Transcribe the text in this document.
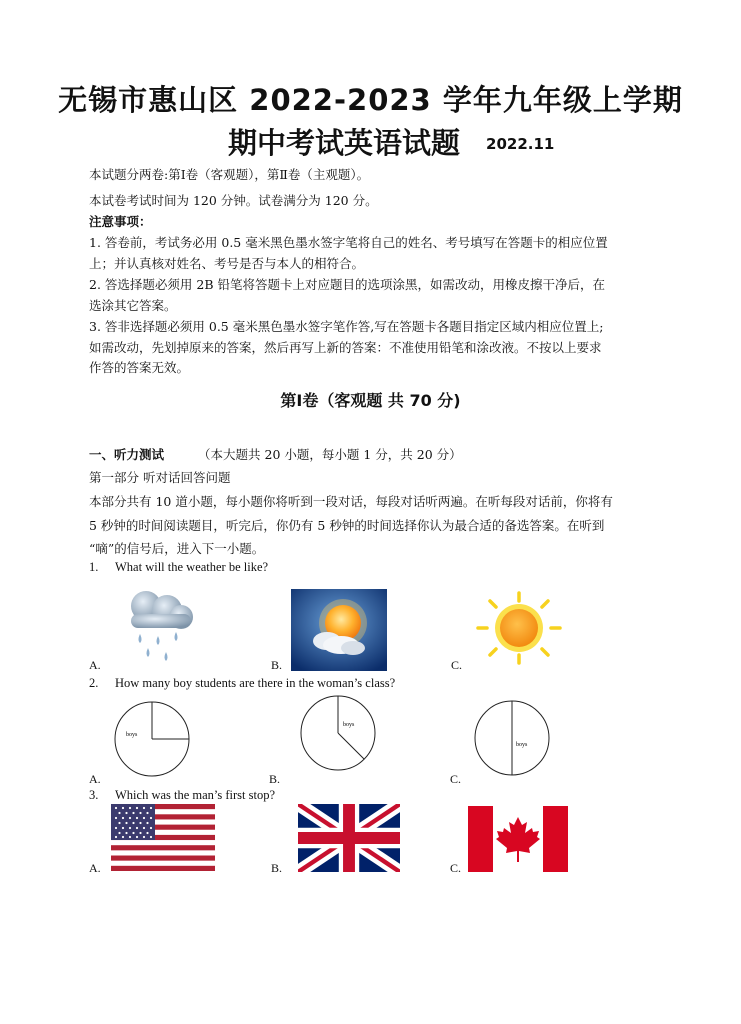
无锡市惠山区 2022-2023 学年九年级上学期
期中考试英语试题 2022.11
本试题分两卷:第Ⅰ卷（客观题），第Ⅱ卷（主观题）。
本试卷考试时间为 120 分钟。试卷满分为 120 分。
注意事项：
1. 答卷前，考试务必用 0.5 毫米黑色墨水签字笔将自己的姓名、考号填写在答题卡的相应位置
上；并认真核对姓名、考号是否与本人的相符合。
2. 答选择题必须用 2B 铅笔将答题卡上对应题目的选项涂黑，如需改动，用橡皮擦干净后，在
选涂其它答案。
3. 答非选择题必须用 0.5 毫米黑色墨水签字笔作答,写在答题卡各题目指定区域内相应位置上;
如需改动，先划掉原来的答案，然后再写上新的答案：不准使用铅笔和涂改液。不按以上要求
作答的答案无效。
第Ⅰ卷（客观题 共 70 分)
一、听力测试	（本大题共 20 小题，每小题 1 分，共 20 分）
第一部分 听对话回答问题
本部分共有 10 道小题，每小题你将听到一段对话，每段对话听两遍。在听每段对话前，你将有
5 秒钟的时间阅读题目，听完后，你仍有 5 秒钟的时间选择你认为最合适的备选答案。在听到
“嘀”的信号后，进入下一小题。
1. What will the weather be like?
A.	B.	C.
2. How many boy students are there in the woman’s class?
boys
boys
boys
A.	B.	C.
3. Which was the man’s first stop?
A.	B.	C.
